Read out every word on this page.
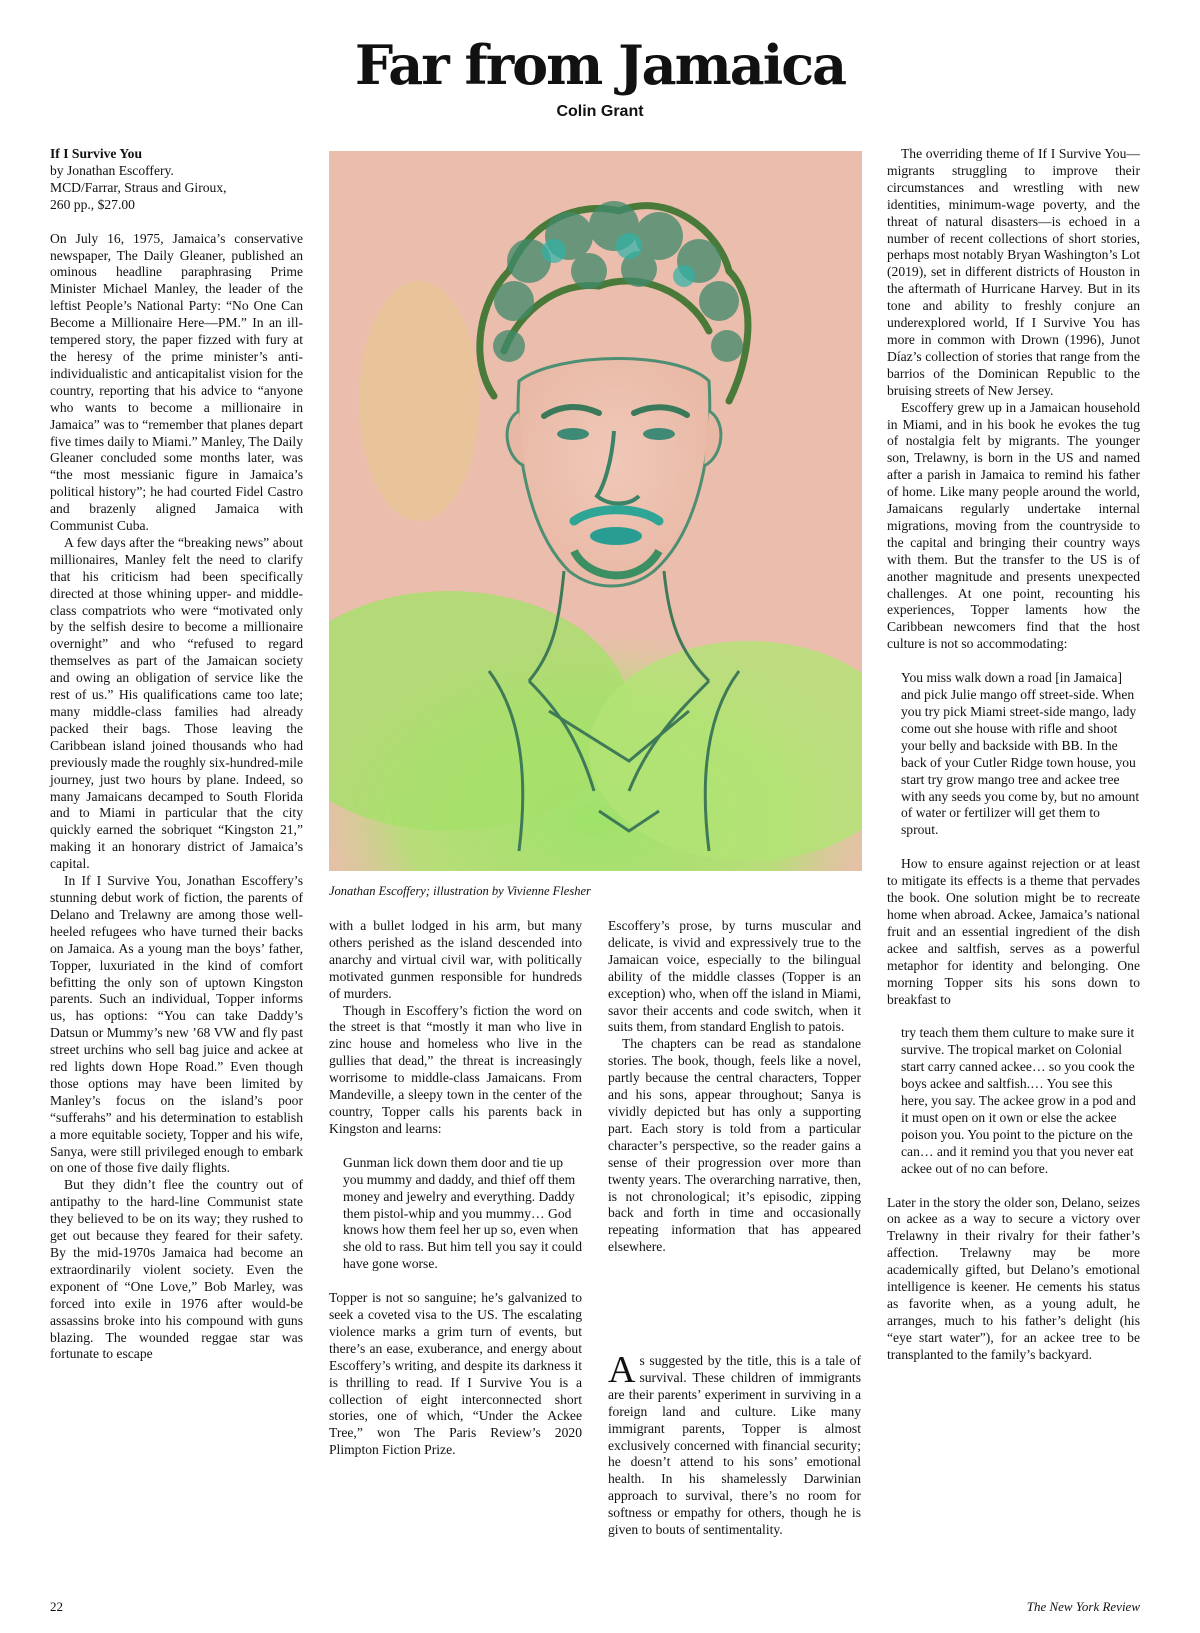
Far from Jamaica
Colin Grant
If I Survive You
by Jonathan Escoffery.
MCD/Farrar, Straus and Giroux,
260 pp., $27.00

On July 16, 1975, Jamaica’s conservative newspaper, The Daily Gleaner, published an ominous headline paraphrasing Prime Minister Michael Manley, the leader of the leftist People’s National Party: “No One Can Become a Millionaire Here—PM.” In an ill-tempered story, the paper fizzed with fury at the heresy of the prime minister’s anti-individualistic and anticapitalist vision for the country, reporting that his advice to “anyone who wants to become a millionaire in Jamaica” was to “remember that planes depart five times daily to Miami.” Manley, The Daily Gleaner concluded some months later, was “the most messianic figure in Jamaica’s political history”; he had courted Fidel Castro and brazenly aligned Jamaica with Communist Cuba.

A few days after the “breaking news” about millionaires, Manley felt the need to clarify that his criticism had been specifically directed at those whining upper- and middle-class compatriots who were “motivated only by the selfish desire to become a millionaire overnight” and who “refused to regard themselves as part of the Jamaican society and owing an obligation of service like the rest of us.” His qualifications came too late; many middle-class families had already packed their bags. Those leaving the Caribbean island joined thousands who had previously made the roughly six-hundred-mile journey, just two hours by plane. Indeed, so many Jamaicans decamped to South Florida and to Miami in particular that the city quickly earned the sobriquet “Kingston 21,” making it an honorary district of Jamaica’s capital.

In If I Survive You, Jonathan Escoffery’s stunning debut work of fiction, the parents of Delano and Trelawny are among those well-heeled refugees who have turned their backs on Jamaica. As a young man the boys’ father, Topper, luxuriated in the kind of comfort befitting the only son of uptown Kingston parents. Such an individual, Topper informs us, has options: “You can take Daddy’s Datsun or Mummy’s new ’68 VW and fly past street urchins who sell bag juice and ackee at red lights down Hope Road.” Even though those options may have been limited by Manley’s focus on the island’s poor “sufferahs” and his determination to establish a more equitable society, Topper and his wife, Sanya, were still privileged enough to embark on one of those five daily flights.

But they didn’t flee the country out of antipathy to the hard-line Communist state they believed to be on its way; they rushed to get out because they feared for their safety. By the mid-1970s Jamaica had become an extraordinarily violent society. Even the exponent of “One Love,” Bob Marley, was forced into exile in 1976 after would-be assassins broke into his compound with guns blazing. The wounded reggae star was fortunate to escape

Jonathan Escoffery; illustration by Vivienne Flesher

with a bullet lodged in his arm, but many others perished as the island descended into anarchy and virtual civil war, with politically motivated gunmen responsible for hundreds of murders.

Though in Escoffery’s fiction the word on the street is that “mostly it man who live in zinc house and homeless who live in the gullies that dead,” the threat is increasingly worrisome to middle-class Jamaicans. From Mandeville, a sleepy town in the center of the country, Topper calls his parents back in Kingston and learns:

Gunman lick down them door and tie up you mummy and daddy, and thief off them money and jewelry and everything. Daddy them pistol-whip and you mummy… God knows how them feel her up so, even when she old to rass. But him tell you say it could have gone worse.

Topper is not so sanguine; he’s galvanized to seek a coveted visa to the US. The escalating violence marks a grim turn of events, but there’s an ease, exuberance, and energy about Escoffery’s writing, and despite its darkness it is thrilling to read. If I Survive You is a collection of eight interconnected short stories, one of which, “Under the Ackee Tree,” won The Paris Review’s 2020 Plimpton Fiction Prize.

Escoffery’s prose, by turns muscular and delicate, is vivid and expressively true to the Jamaican voice, especially to the bilingual ability of the middle classes (Topper is an exception) who, when off the island in Miami, savor their accents and code switch, when it suits them, from standard English to patois.

The chapters can be read as standalone stories. The book, though, feels like a novel, partly because the central characters, Topper and his sons, appear throughout; Sanya is vividly depicted but has only a supporting part. Each story is told from a particular character’s perspective, so the reader gains a sense of their progression over more than twenty years. The overarching narrative, then, is not chronological; it’s episodic, zipping back and forth in time and occasionally repeating information that has appeared elsewhere.

As suggested by the title, this is a tale of survival. These children of immigrants are their parents’ experiment in surviving in a foreign land and culture. Like many immigrant parents, Topper is almost exclusively concerned with financial security; he doesn’t attend to his sons’ emotional health. In his shamelessly Darwinian approach to survival, there’s no room for softness or empathy for others, though he is given to bouts of sentimentality.

The overriding theme of If I Survive You—migrants struggling to improve their circumstances and wrestling with new identities, minimum-wage poverty, and the threat of natural disasters—is echoed in a number of recent collections of short stories, perhaps most notably Bryan Washington’s Lot (2019), set in different districts of Houston in the aftermath of Hurricane Harvey. But in its tone and ability to freshly conjure an underexplored world, If I Survive You has more in common with Drown (1996), Junot Díaz’s collection of stories that range from the barrios of the Dominican Republic to the bruising streets of New Jersey.

Escoffery grew up in a Jamaican household in Miami, and in his book he evokes the tug of nostalgia felt by migrants. The younger son, Trelawny, is born in the US and named after a parish in Jamaica to remind his father of home. Like many people around the world, Jamaicans regularly undertake internal migrations, moving from the countryside to the capital and bringing their country ways with them. But the transfer to the US is of another magnitude and presents unexpected challenges. At one point, recounting his experiences, Topper laments how the Caribbean newcomers find that the host culture is not so accommodating:

You miss walk down a road [in Jamaica] and pick Julie mango off street-side. When you try pick Miami street-side mango, lady come out she house with rifle and shoot your belly and backside with BB. In the back of your Cutler Ridge town house, you start try grow mango tree and ackee tree with any seeds you come by, but no amount of water or fertilizer will get them to sprout.

How to ensure against rejection or at least to mitigate its effects is a theme that pervades the book. One solution might be to recreate home when abroad. Ackee, Jamaica’s national fruit and an essential ingredient of the dish ackee and saltfish, serves as a powerful metaphor for identity and belonging. One morning Topper sits his sons down to breakfast to

try teach them them culture to make sure it survive. The tropical market on Colonial start carry canned ackee… so you cook the boys ackee and saltfish.… You see this here, you say. The ackee grow in a pod and it must open on it own or else the ackee poison you. You point to the picture on the can… and it remind you that you never eat ackee out of no can before.

Later in the story the older son, Delano, seizes on ackee as a way to secure a victory over Trelawny in their rivalry for their father’s affection. Trelawny may be more academically gifted, but Delano’s emotional intelligence is keener. He cements his status as favorite when, as a young adult, he arranges, much to his father’s delight (his “eye start water”), for an ackee tree to be transplanted to the family’s backyard.

22	The New York Review
